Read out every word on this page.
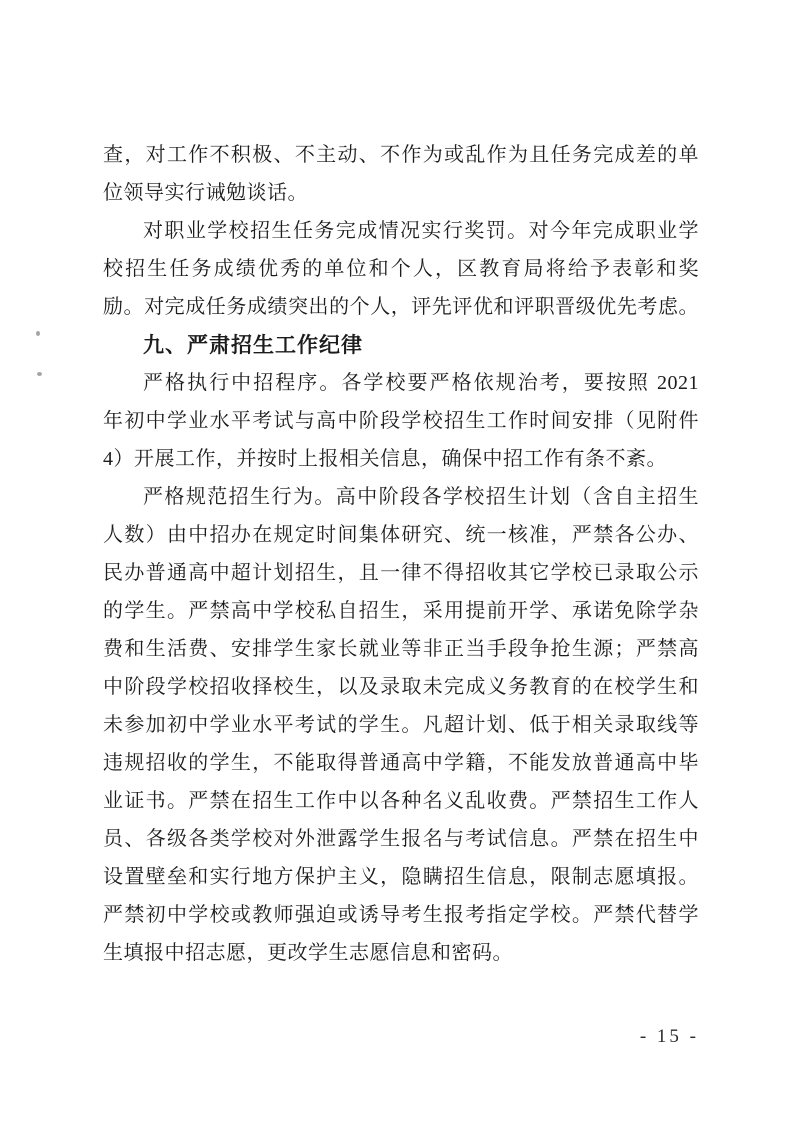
查，对工作不积极、不主动、不作为或乱作为且任务完成差的单
位领导实行诫勉谈话。
对职业学校招生任务完成情况实行奖罚。对今年完成职业学
校招生任务成绩优秀的单位和个人，区教育局将给予表彰和奖
励。对完成任务成绩突出的个人，评先评优和评职晋级优先考虑。
九、严肃招生工作纪律
严格执行中招程序。各学校要严格依规治考，要按照 2021
年初中学业水平考试与高中阶段学校招生工作时间安排（见附件
4）开展工作，并按时上报相关信息，确保中招工作有条不紊。
严格规范招生行为。高中阶段各学校招生计划（含自主招生
人数）由中招办在规定时间集体研究、统一核准，严禁各公办、
民办普通高中超计划招生，且一律不得招收其它学校已录取公示
的学生。严禁高中学校私自招生，采用提前开学、承诺免除学杂
费和生活费、安排学生家长就业等非正当手段争抢生源；严禁高
中阶段学校招收择校生，以及录取未完成义务教育的在校学生和
未参加初中学业水平考试的学生。凡超计划、低于相关录取线等
违规招收的学生，不能取得普通高中学籍，不能发放普通高中毕
业证书。严禁在招生工作中以各种名义乱收费。严禁招生工作人
员、各级各类学校对外泄露学生报名与考试信息。严禁在招生中
设置壁垒和实行地方保护主义，隐瞒招生信息，限制志愿填报。
严禁初中学校或教师强迫或诱导考生报考指定学校。严禁代替学
生填报中招志愿，更改学生志愿信息和密码。
- 15 -
